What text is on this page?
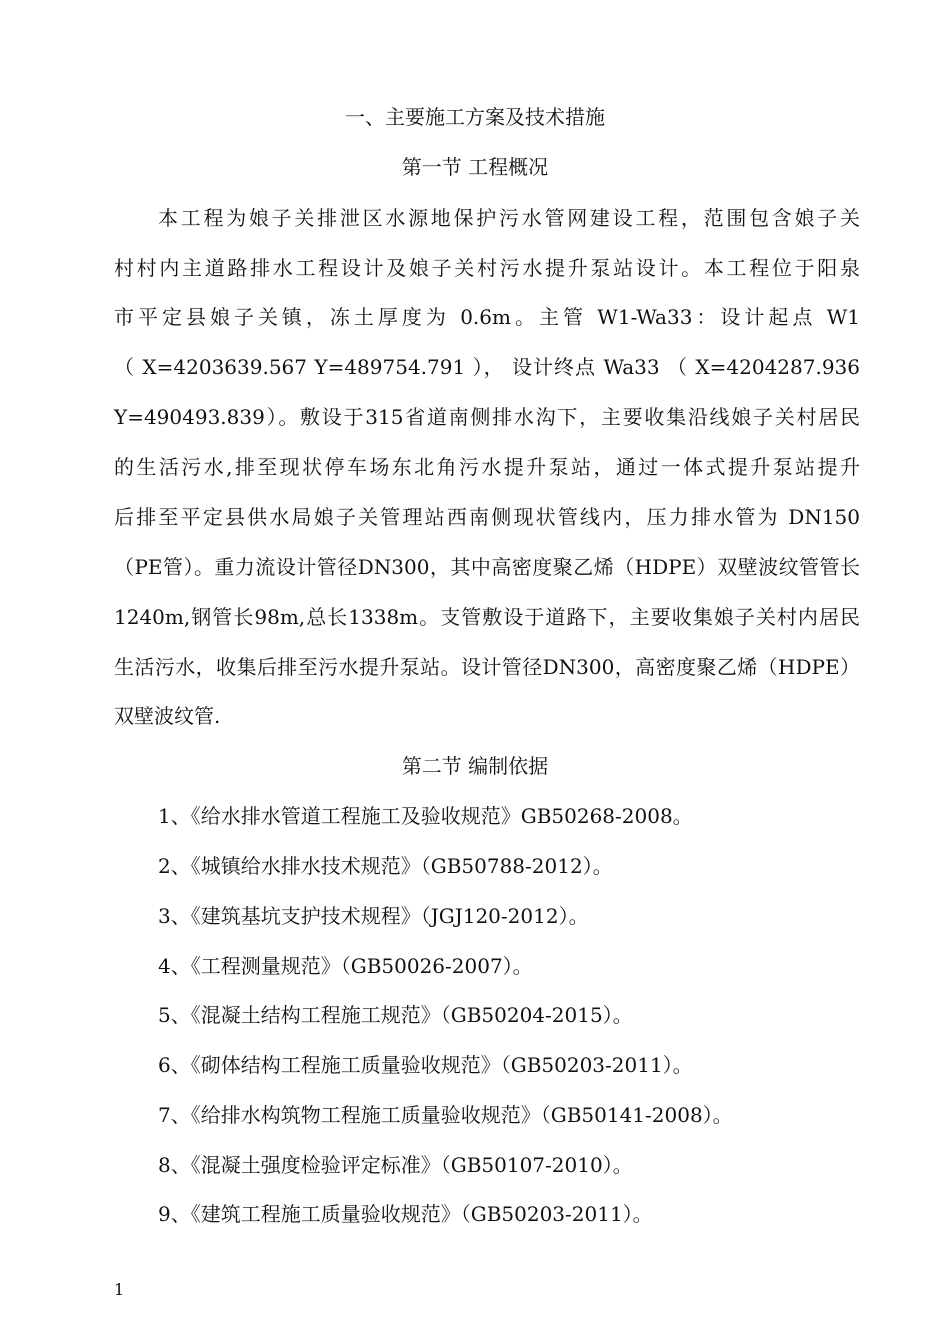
一、主要施工方案及技术措施
第一节 工程概况
本工程为娘子关排泄区水源地保护污水管网建设工程，范围包含娘子关
村村内主道路排水工程设计及娘子关村污水提升泵站设计。本工程位于阳泉
市平定县娘子关镇，冻土厚度为 0.6m。主管 W1-Wa33：设计起点 W1
（ X=4203639.567 Y=489754.791 ）， 设计终点 Wa33 （ X=4204287.936
Y=490493.839）。敷设于315省道南侧排水沟下，主要收集沿线娘子关村居民
的生活污水,排至现状停车场东北角污水提升泵站，通过一体式提升泵站提升
后排至平定县供水局娘子关管理站西南侧现状管线内，压力排水管为 DN150
（PE管）。重力流设计管径DN300，其中高密度聚乙烯（HDPE）双壁波纹管管长
1240m,钢管长98m,总长1338m。支管敷设于道路下，主要收集娘子关村内居民
生活污水，收集后排至污水提升泵站。设计管径DN300，高密度聚乙烯（HDPE）
双壁波纹管.
第二节 编制依据
1、《给水排水管道工程施工及验收规范》GB50268-2008。
2、《城镇给水排水技术规范》（GB50788-2012）。
3、《建筑基坑支护技术规程》（JGJ120-2012）。
4、《工程测量规范》（GB50026-2007）。
5、《混凝土结构工程施工规范》（GB50204-2015）。
6、《砌体结构工程施工质量验收规范》（GB50203-2011）。
7、《给排水构筑物工程施工质量验收规范》（GB50141-2008）。
8、《混凝土强度检验评定标准》（GB50107-2010）。
9、《建筑工程施工质量验收规范》（GB50203-2011）。
1
